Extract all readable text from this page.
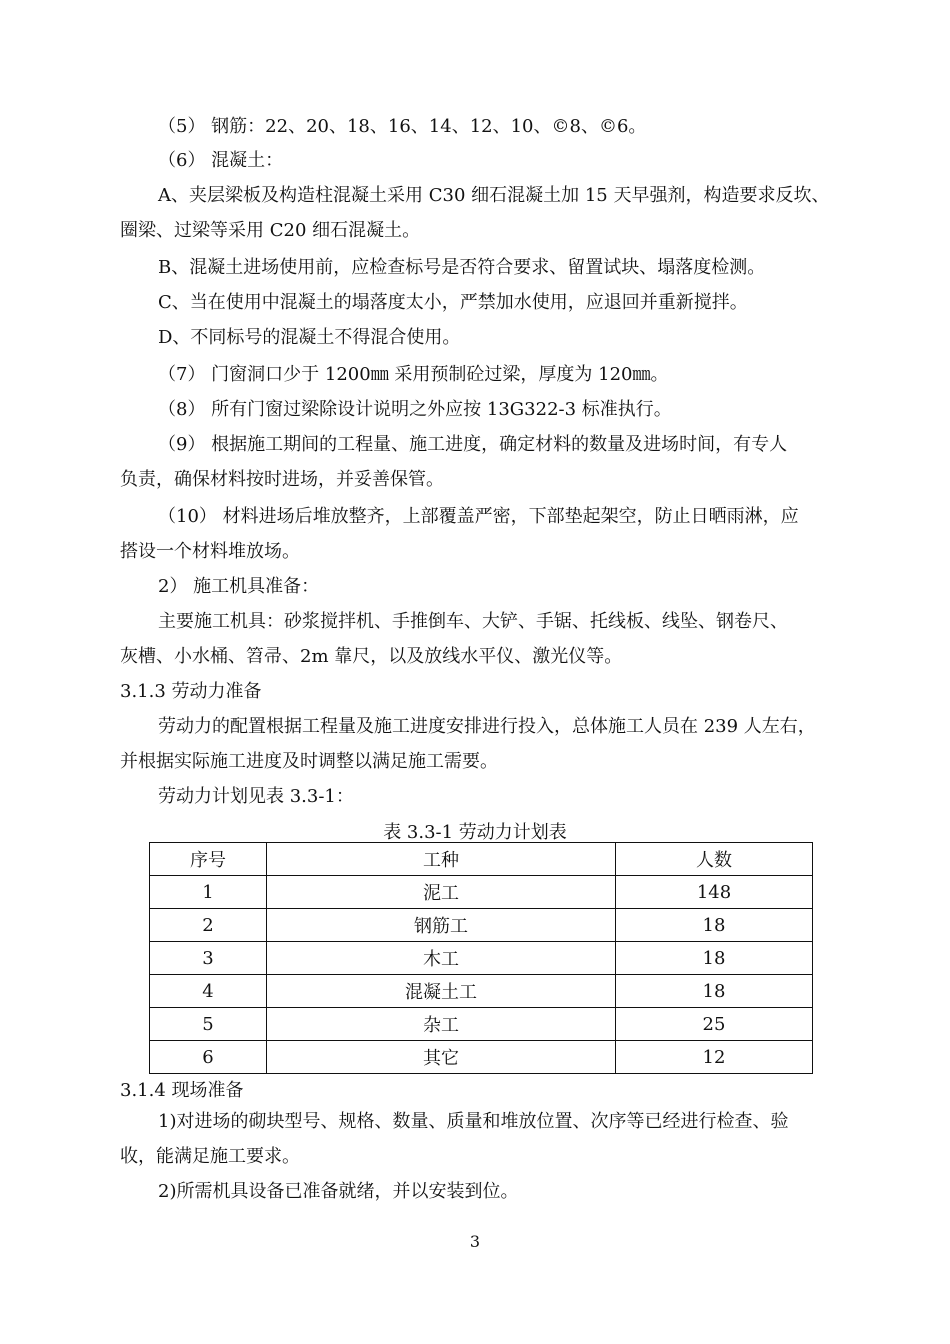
（5） 钢筋：22、20、18、16、14、12、10、©8、©6。
（6） 混凝土：
A、夹层梁板及构造柱混凝土采用 C30 细石混凝土加 15 天早强剂，构造要求反坎、
圈梁、过梁等采用 C20 细石混凝土。
B、混凝土进场使用前，应检查标号是否符合要求、留置试块、塌落度检测。
C、当在使用中混凝土的塌落度太小，严禁加水使用，应退回并重新搅拌。
D、不同标号的混凝土不得混合使用。
（7） 门窗洞口少于 1200㎜ 采用预制砼过梁，厚度为 120㎜。
（8） 所有门窗过梁除设计说明之外应按 13G322-3 标准执行。
（9） 根据施工期间的工程量、施工进度，确定材料的数量及进场时间，有专人
负责，确保材料按时进场，并妥善保管。
（10） 材料进场后堆放整齐，上部覆盖严密，下部垫起架空，防止日晒雨淋，应
搭设一个材料堆放场。
2） 施工机具准备：
主要施工机具：砂浆搅拌机、手推倒车、大铲、手锯、托线板、线坠、钢卷尺、
灰槽、小水桶、笤帚、2m 靠尺，以及放线水平仪、激光仪等。
3.1.3 劳动力准备
劳动力的配置根据工程量及施工进度安排进行投入，总体施工人员在 239 人左右，
并根据实际施工进度及时调整以满足施工需要。
劳动力计划见表 3.3-1：
表 3.3-1 劳动力计划表
序号	工种	人数
1	泥工	148
2	钢筋工	18
3	木工	18
4	混凝土工	18
5	杂工	25
6	其它	12
3.1.4 现场准备
1)对进场的砌块型号、规格、数量、质量和堆放位置、次序等已经进行检查、验
收，能满足施工要求。
2)所需机具设备已准备就绪，并以安装到位。
3
